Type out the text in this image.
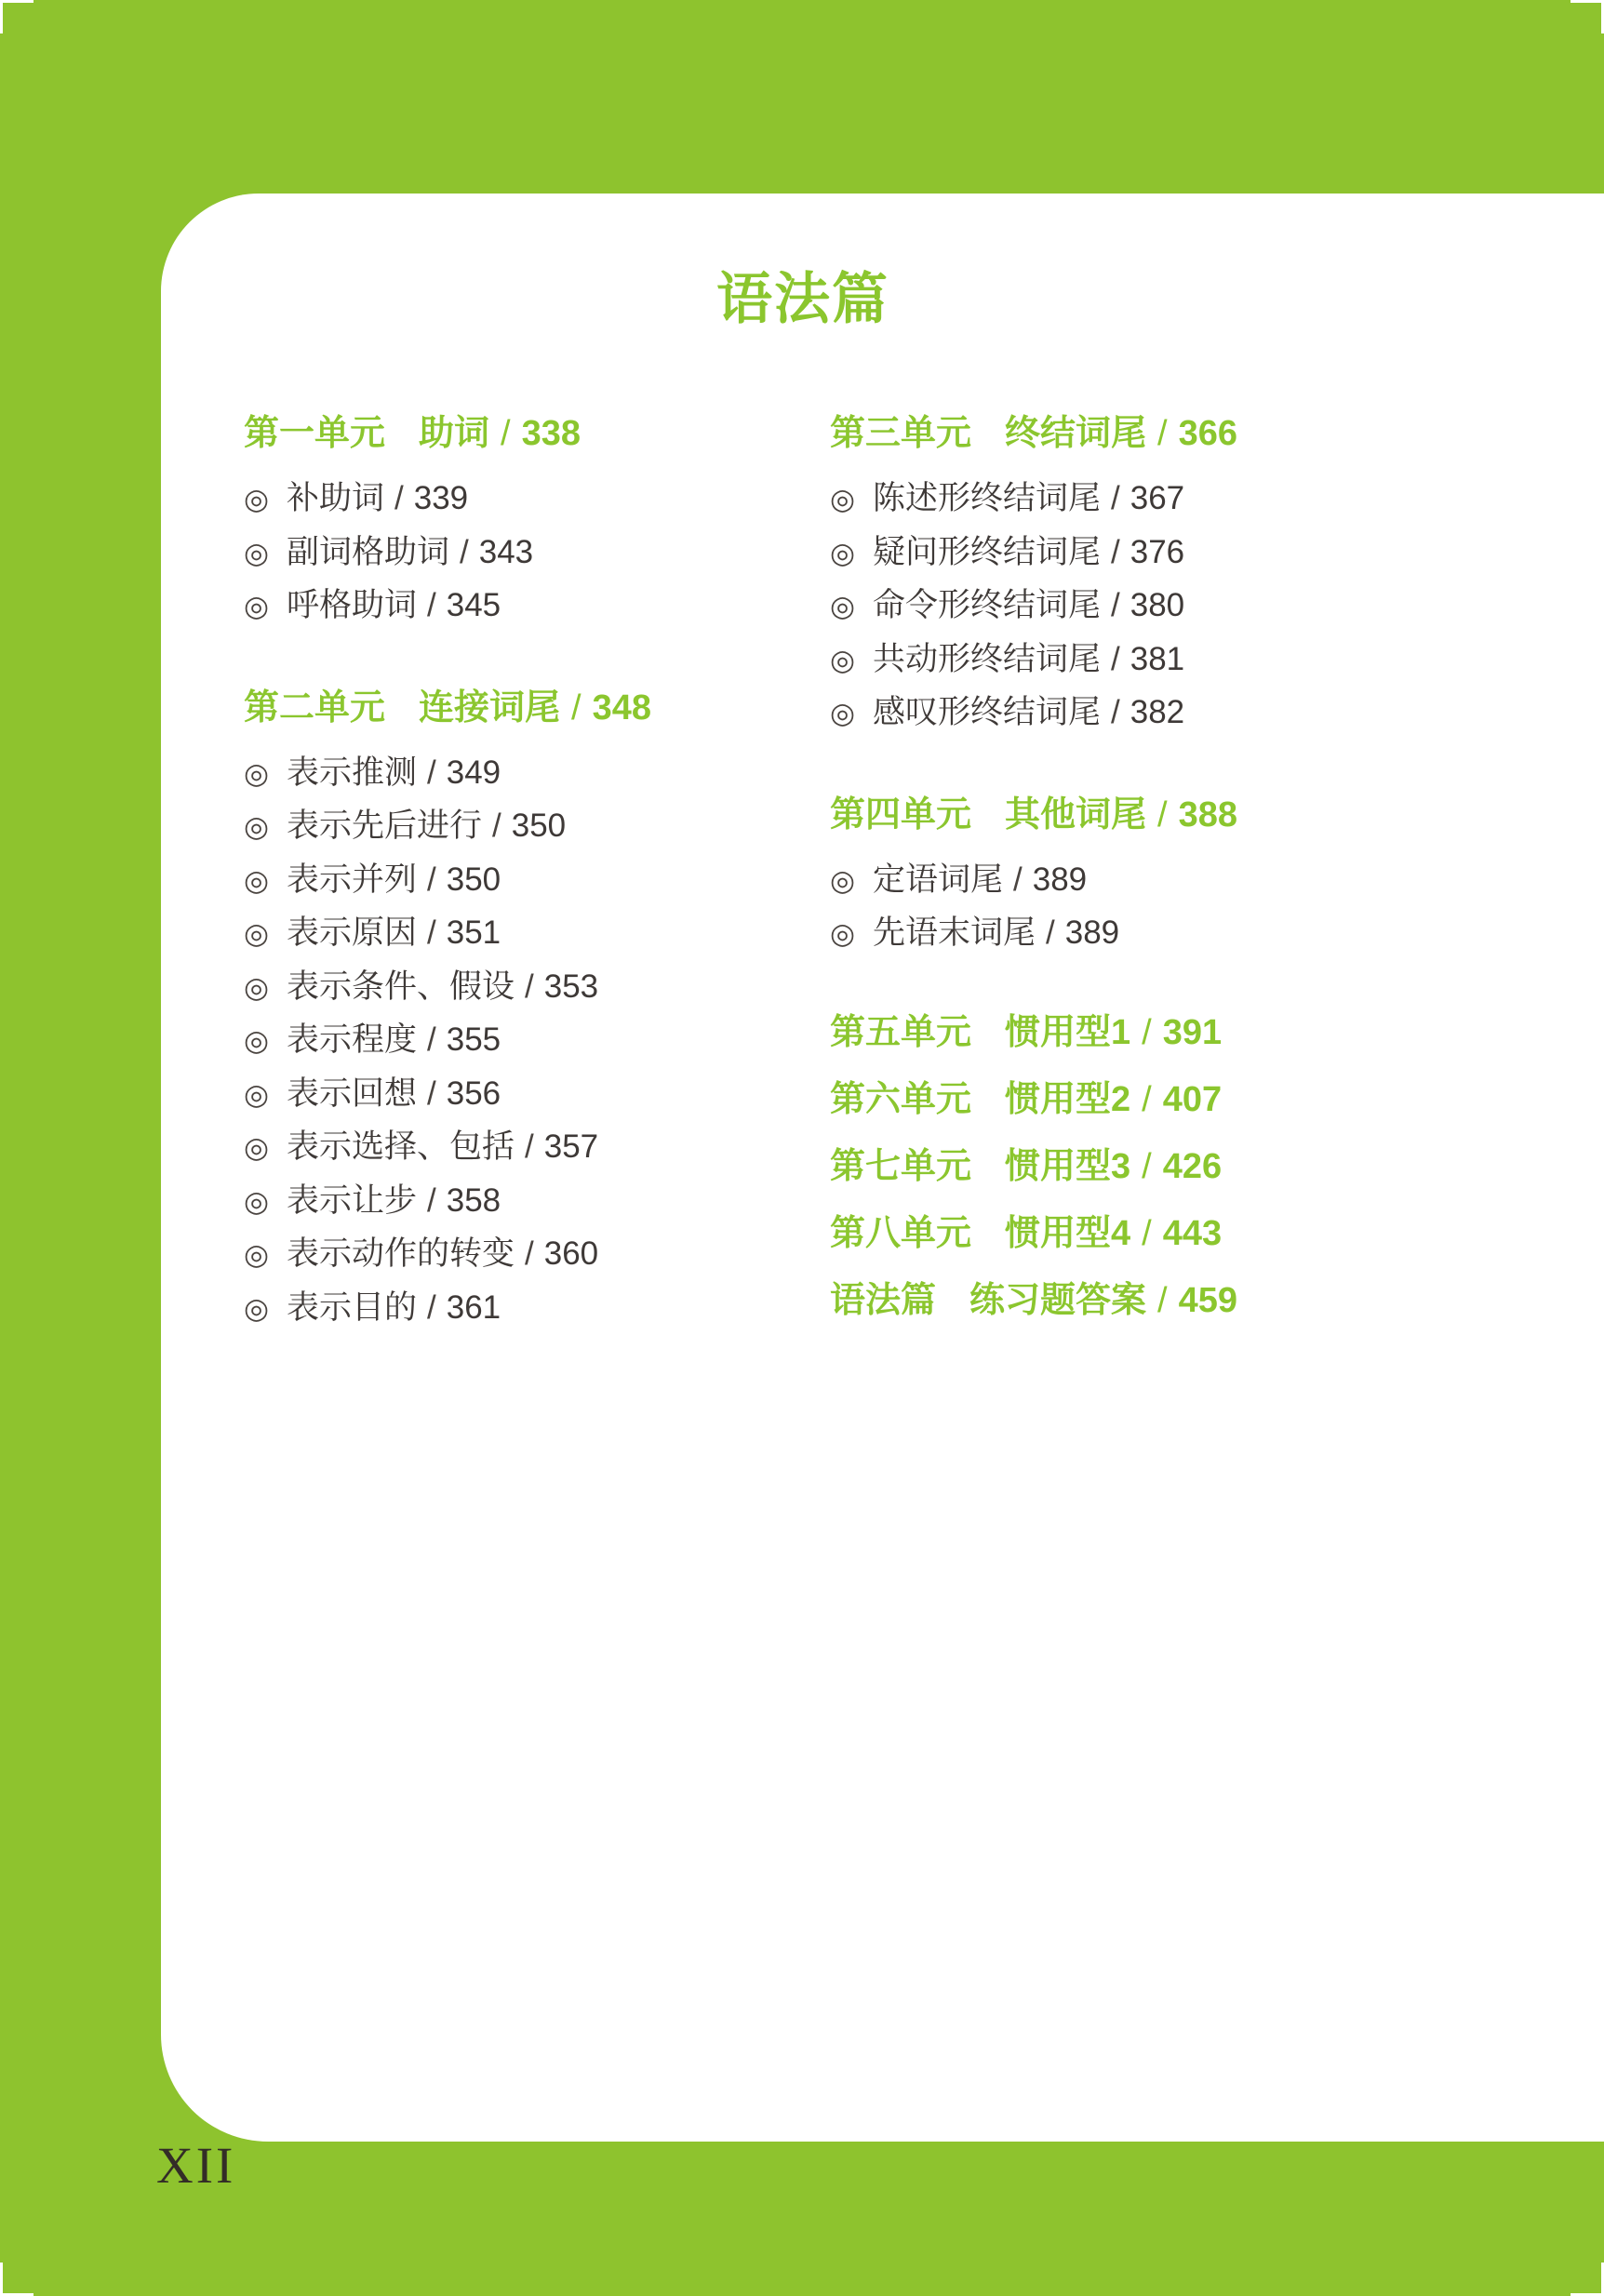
语法篇
第一单元 助词 / 338
◎ 补助词 / 339
◎ 副词格助词 / 343
◎ 呼格助词 / 345
第二单元 连接词尾 / 348
◎ 表示推测 / 349
◎ 表示先后进行 / 350
◎ 表示并列 / 350
◎ 表示原因 / 351
◎ 表示条件、假设 / 353
◎ 表示程度 / 355
◎ 表示回想 / 356
◎ 表示选择、包括 / 357
◎ 表示让步 / 358
◎ 表示动作的转变 / 360
◎ 表示目的 / 361
第三单元 终结词尾 / 366
◎ 陈述形终结词尾 / 367
◎ 疑问形终结词尾 / 376
◎ 命令形终结词尾 / 380
◎ 共动形终结词尾 / 381
◎ 感叹形终结词尾 / 382
第四单元 其他词尾 / 388
◎ 定语词尾 / 389
◎ 先语末词尾 / 389
第五单元 惯用型1 / 391
第六单元 惯用型2 / 407
第七单元 惯用型3 / 426
第八单元 惯用型4 / 443
语法篇 练习题答案 / 459
XII
